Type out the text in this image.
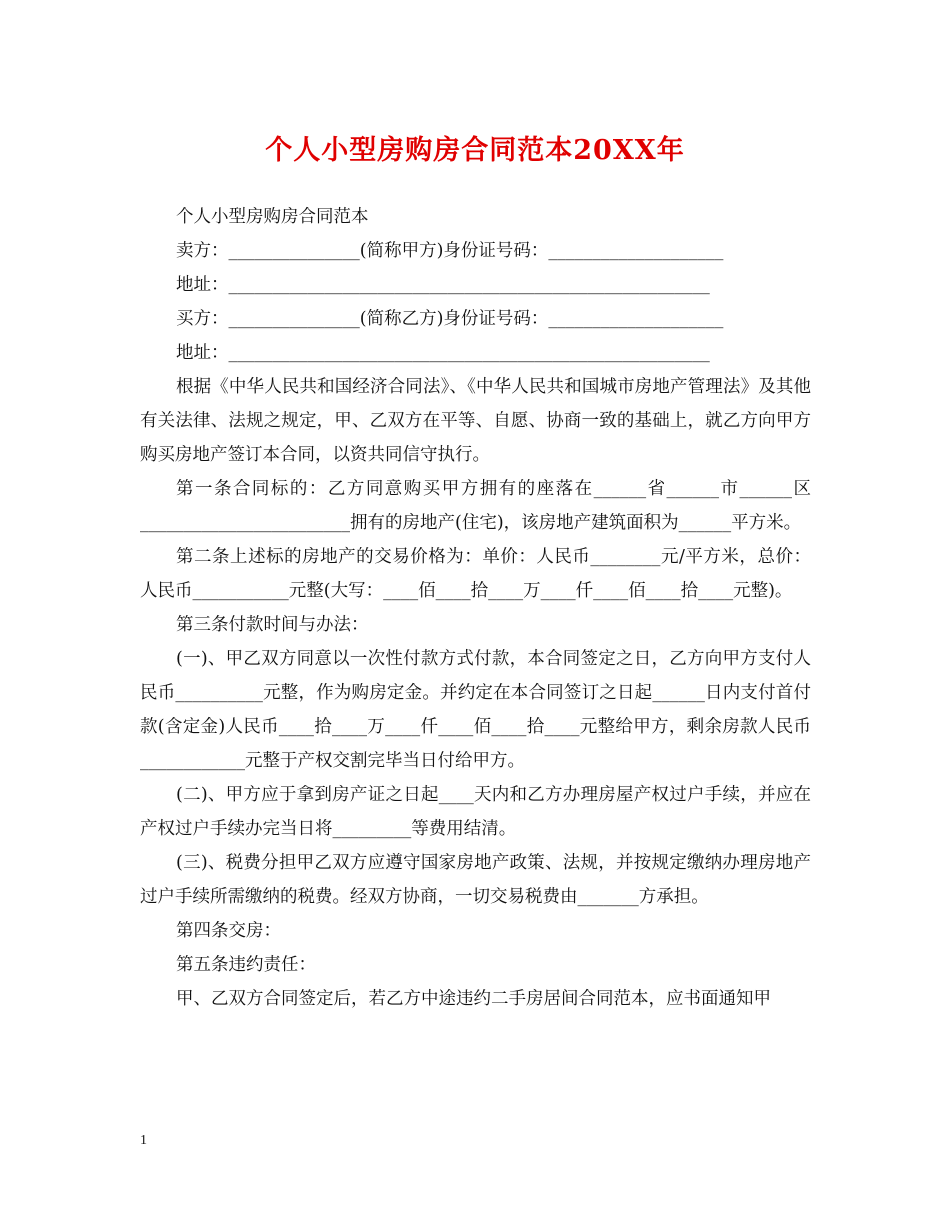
个人小型房购房合同范本20XX年

个人小型房购房合同范本

卖方：_______________(简称甲方)身份证号码：____________________

地址：_______________________________________________________

买方：_______________(简称乙方)身份证号码：____________________

地址：_______________________________________________________

根据《中华人民共和国经济合同法》、《中华人民共和国城市房地产管理法》及其他有关法律、法规之规定，甲、乙双方在平等、自愿、协商一致的基础上，就乙方向甲方购买房地产签订本合同，以资共同信守执行。

第一条合同标的：乙方同意购买甲方拥有的座落在______省______市______区________________________拥有的房地产(住宅)，该房地产建筑面积为______平方米。

第二条上述标的房地产的交易价格为：单价：人民币________元/平方米，总价：人民币___________元整(大写：____佰____拾____万____仟____佰____拾____元整)。

第三条付款时间与办法：

(一)、甲乙双方同意以一次性付款方式付款，本合同签定之日，乙方向甲方支付人民币__________元整，作为购房定金。并约定在本合同签订之日起______日内支付首付款(含定金)人民币____拾____万____仟____佰____拾____元整给甲方，剩余房款人民币____________元整于产权交割完毕当日付给甲方。

(二)、甲方应于拿到房产证之日起____天内和乙方办理房屋产权过户手续，并应在产权过户手续办完当日将_________等费用结清。

(三)、税费分担甲乙双方应遵守国家房地产政策、法规，并按规定缴纳办理房地产过户手续所需缴纳的税费。经双方协商，一切交易税费由_______方承担。

第四条交房：

第五条违约责任：

甲、乙双方合同签定后，若乙方中途违约二手房居间合同范本，应书面通知甲

1
